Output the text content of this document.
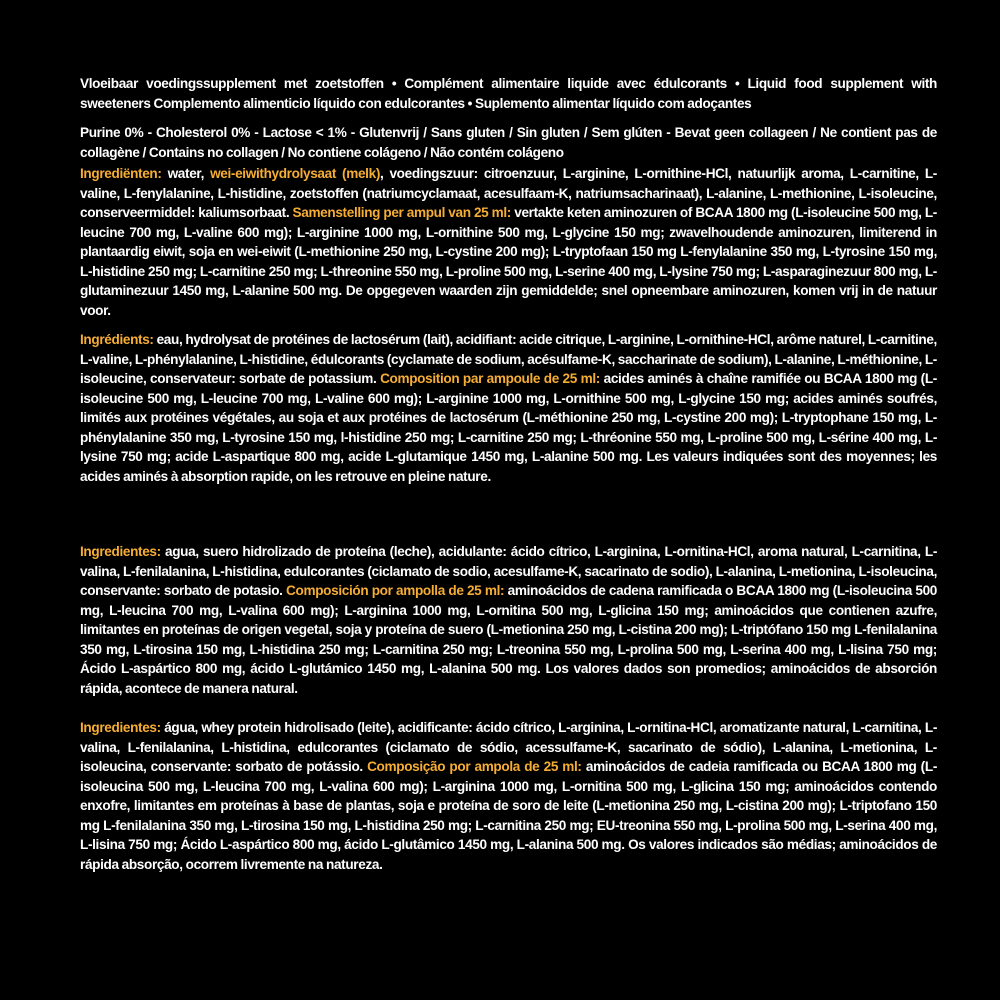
Vloeibaar voedingssupplement met zoetstoffen • Complément alimentaire liquide avec édulcorants • Liquid food supplement with sweeteners Complemento alimenticio líquido con edulcorantes • Suplemento alimentar líquido com adoçantes

Purine 0% - Cholesterol 0% - Lactose < 1% - Glutenvrij / Sans gluten / Sin gluten / Sem glúten - Bevat geen collageen / Ne contient pas de collagène / Contains no collagen / No contiene colágeno / Não contém colágeno

Ingrediënten: water, wei-eiwithydrolysaat (melk), voedingszuur: citroenzuur, L-arginine, L-ornithine-HCl, natuurlijk aroma, L-carnitine, L-valine, L-fenylalanine, L-histidine, zoetstoffen (natriumcyclamaat, acesulfaam-K, natriumsacharinaat), L-alanine, L-methionine, L-isoleucine, conserveermiddel: kaliumsorbaat. Samenstelling per ampul van 25 ml: vertakte keten aminozuren of BCAA 1800 mg (L-isoleucine 500 mg, L-leucine 700 mg, L-valine 600 mg); L-arginine 1000 mg, L-ornithine 500 mg, L-glycine 150 mg; zwavelhoudende aminozuren, limiterend in plantaardig eiwit, soja en wei-eiwit (L-methionine 250 mg, L-cystine 200 mg); L-tryptofaan 150 mg L-fenylalanine 350 mg, L-tyrosine 150 mg, L-histidine 250 mg; L-carnitine 250 mg; L-threonine 550 mg, L-proline 500 mg, L-serine 400 mg, L-lysine 750 mg; L-asparaginezuur 800 mg, L-glutaminezuur 1450 mg, L-alanine 500 mg. De opgegeven waarden zijn gemiddelde; snel opneembare aminozuren, komen vrij in de natuur voor.

Ingrédients: eau, hydrolysat de protéines de lactosérum (lait), acidifiant: acide citrique, L-arginine, L-ornithine-HCl, arôme naturel, L-carnitine, L-valine, L-phénylalanine, L-histidine, édulcorants (cyclamate de sodium, acésulfame-K, saccharinate de sodium), L-alanine, L-méthionine, L-isoleucine, conservateur: sorbate de potassium. Composition par ampoule de 25 ml: acides aminés à chaîne ramifiée ou BCAA 1800 mg (L-isoleucine 500 mg, L-leucine 700 mg, L-valine 600 mg); L-arginine 1000 mg, L-ornithine 500 mg, L-glycine 150 mg; acides aminés soufrés, limités aux protéines végétales, au soja et aux protéines de lactosérum (L-méthionine 250 mg, L-cystine 200 mg); L-tryptophane 150 mg, L-phénylalanine 350 mg, L-tyrosine 150 mg, l-histidine 250 mg; L-carnitine 250 mg; L-thréonine 550 mg, L-proline 500 mg, L-sérine 400 mg, L-lysine 750 mg; acide L-aspartique 800 mg, acide L-glutamique 1450 mg, L-alanine 500 mg. Les valeurs indiquées sont des moyennes; les acides aminés à absorption rapide, on les retrouve en pleine nature.

Ingredientes: agua, suero hidrolizado de proteína (leche), acidulante: ácido cítrico, L-arginina, L-ornitina-HCl, aroma natural, L-carnitina, L-valina, L-fenilalanina, L-histidina, edulcorantes (ciclamato de sodio, acesulfame-K, sacarinato de sodio), L-alanina, L-metionina, L-isoleucina, conservante: sorbato de potasio. Composición por ampolla de 25 ml: aminoácidos de cadena ramificada o BCAA 1800 mg (L-isoleucina 500 mg, L-leucina 700 mg, L-valina 600 mg); L-arginina 1000 mg, L-ornitina 500 mg, L-glicina 150 mg; aminoácidos que contienen azufre, limitantes en proteínas de origen vegetal, soja y proteína de suero (L-metionina 250 mg, L-cistina 200 mg); L-triptófano 150 mg L-fenilalanina 350 mg, L-tirosina 150 mg, L-histidina 250 mg; L-carnitina 250 mg; L-treonina 550 mg, L-prolina 500 mg, L-serina 400 mg, L-lisina 750 mg; Ácido L-aspártico 800 mg, ácido L-glutámico 1450 mg, L-alanina 500 mg. Los valores dados son promedios; aminoácidos de absorción rápida, acontece de manera natural.

Ingredientes: água, whey protein hidrolisado (leite), acidificante: ácido cítrico, L-arginina, L-ornitina-HCl, aromatizante natural, L-carnitina, L-valina, L-fenilalanina, L-histidina, edulcorantes (ciclamato de sódio, acessulfame-K, sacarinato de sódio), L-alanina, L-metionina, L-isoleucina, conservante: sorbato de potássio. Composição por ampola de 25 ml: aminoácidos de cadeia ramificada ou BCAA 1800 mg (L-isoleucina 500 mg, L-leucina 700 mg, L-valina 600 mg); L-arginina 1000 mg, L-ornitina 500 mg, L-glicina 150 mg; aminoácidos contendo enxofre, limitantes em proteínas à base de plantas, soja e proteína de soro de leite (L-metionina 250 mg, L-cistina 200 mg); L-triptofano 150 mg L-fenilalanina 350 mg, L-tirosina 150 mg, L-histidina 250 mg; L-carnitina 250 mg; EU-treonina 550 mg, L-prolina 500 mg, L-serina 400 mg, L-lisina 750 mg; Ácido L-aspártico 800 mg, ácido L-glutâmico 1450 mg, L-alanina 500 mg. Os valores indicados são médias; aminoácidos de rápida absorção, ocorrem livremente na natureza.
